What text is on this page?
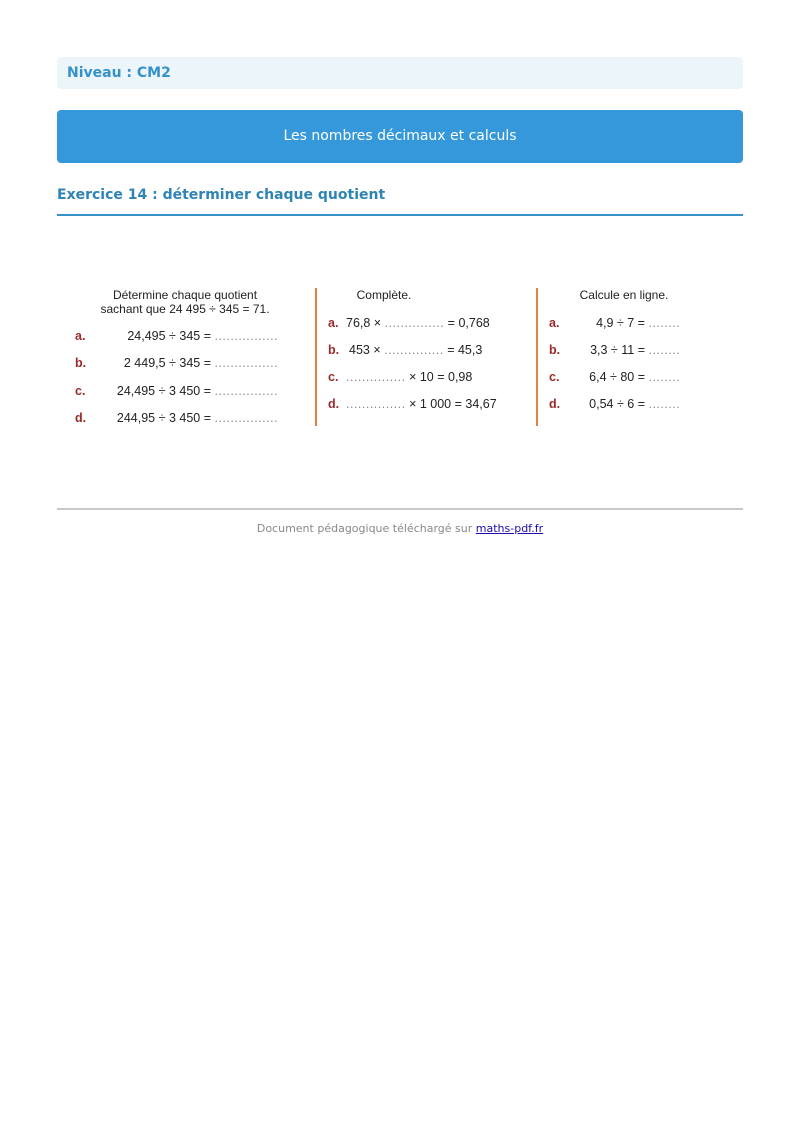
Niveau : CM2
Les nombres décimaux et calculs
Exercice 14 : déterminer chaque quotient
Détermine chaque quotient
sachant que 24 495 ÷ 345 = 71.
a.	24,495 ÷ 345 = ................
b.	2 449,5 ÷ 345 = ................
c.	24,495 ÷ 3 450 = ................
d. 244,95 ÷ 3 450 = ................
Complète.
a. 76,8 × ............... = 0,768
b. 453 × ............... = 45,3
c. ............... × 10 = 0,98
d. ............... × 1 000 = 34,67
Calcule en ligne.
a.	4,9 ÷ 7 = ........
b. 3,3 ÷ 11 = ........
c. 6,4 ÷ 80 = ........
d. 0,54 ÷ 6 = ........
Document pédagogique téléchargé sur maths-pdf.fr
